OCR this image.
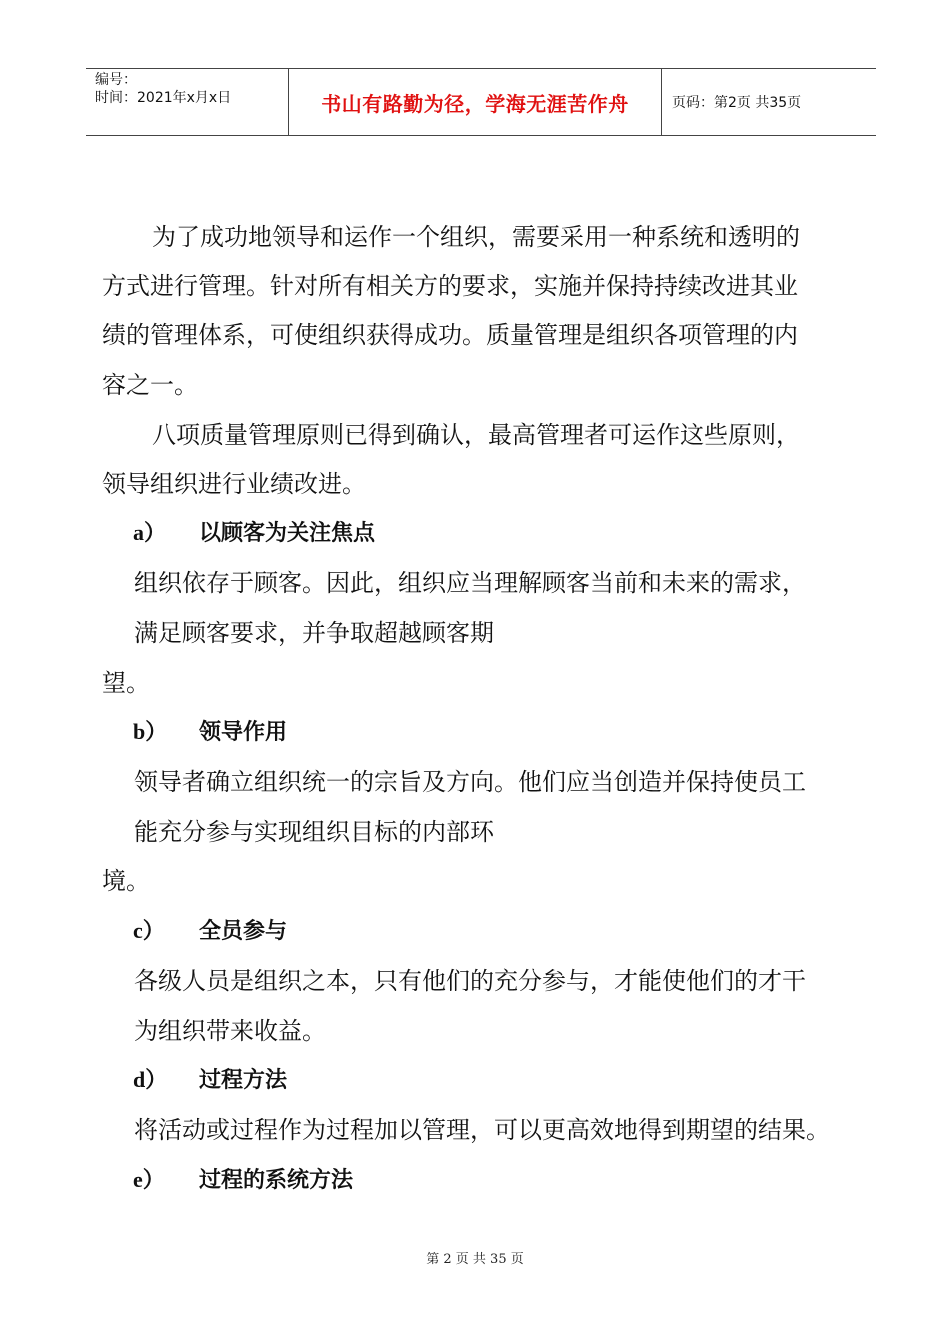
编号：
时间：2021年x月x日	书山有路勤为径，学海无涯苦作舟	页码：第2页 共35页
为了成功地领导和运作一个组织，需要采用一种系统和透明的
方式进行管理。针对所有相关方的要求，实施并保持持续改进其业
绩的管理体系，可使组织获得成功。质量管理是组织各项管理的内
容之一。
八项质量管理原则已得到确认，最高管理者可运作这些原则，
领导组织进行业绩改进。
a） 以顾客为关注焦点
组织依存于顾客。因此，组织应当理解顾客当前和未来的需求，
满足顾客要求，并争取超越顾客期
望。
b） 领导作用
领导者确立组织统一的宗旨及方向。他们应当创造并保持使员工
能充分参与实现组织目标的内部环
境。
c） 全员参与
各级人员是组织之本，只有他们的充分参与，才能使他们的才干
为组织带来收益。
d） 过程方法
将活动或过程作为过程加以管理，可以更高效地得到期望的结果。
e） 过程的系统方法
第 2 页 共 35 页
